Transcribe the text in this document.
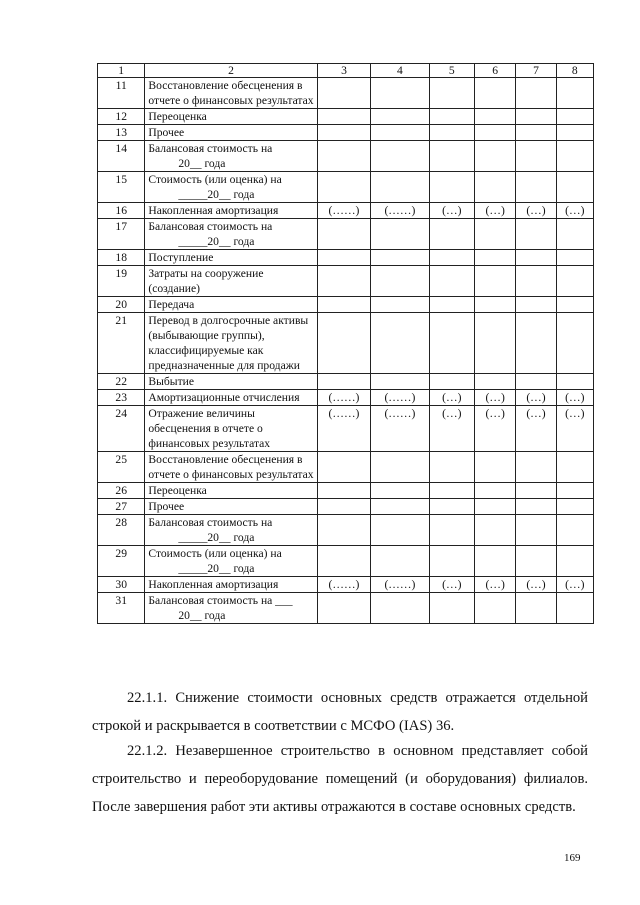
1	2	3	4	5	6	7	8
11	Восстановление обесценения в отчете о финансовых результатах						
12	Переоценка						
13	Прочее						
14	Балансовая стоимость на
20__ года						
15	Стоимость (или оценка) на
_____20__ года						
16	Накопленная амортизация	(……)	(……)	(…)	(…)	(…)	(…)
17	Балансовая стоимость на
_____20__ года						
18	Поступление						
19	Затраты на сооружение (создание)						
20	Передача						
21	Перевод в долгосрочные активы (выбывающие группы), классифицируемые как предназначенные для продажи						
22	Выбытие						
23	Амортизационные отчисления	(……)	(……)	(…)	(…)	(…)	(…)
24	Отражение величины обесценения в отчете о финансовых результатах	(……)	(……)	(…)	(…)	(…)	(…)
25	Восстановление обесценения в отчете о финансовых результатах						
26	Переоценка						
27	Прочее						
28	Балансовая стоимость на
_____20__ года						
29	Стоимость (или оценка) на
_____20__ года						
30	Накопленная амортизация	(……)	(……)	(…)	(…)	(…)	(…)
31	Балансовая стоимость на ___
20__ года						

22.1.1. Снижение стоимости основных средств отражается отдельной строкой и раскрывается в соответствии с МСФО (IAS) 36.

22.1.2. Незавершенное строительство в основном представляет собой строительство и переоборудование помещений (и оборудования) филиалов. После завершения работ эти активы отражаются в составе основных средств.

169
